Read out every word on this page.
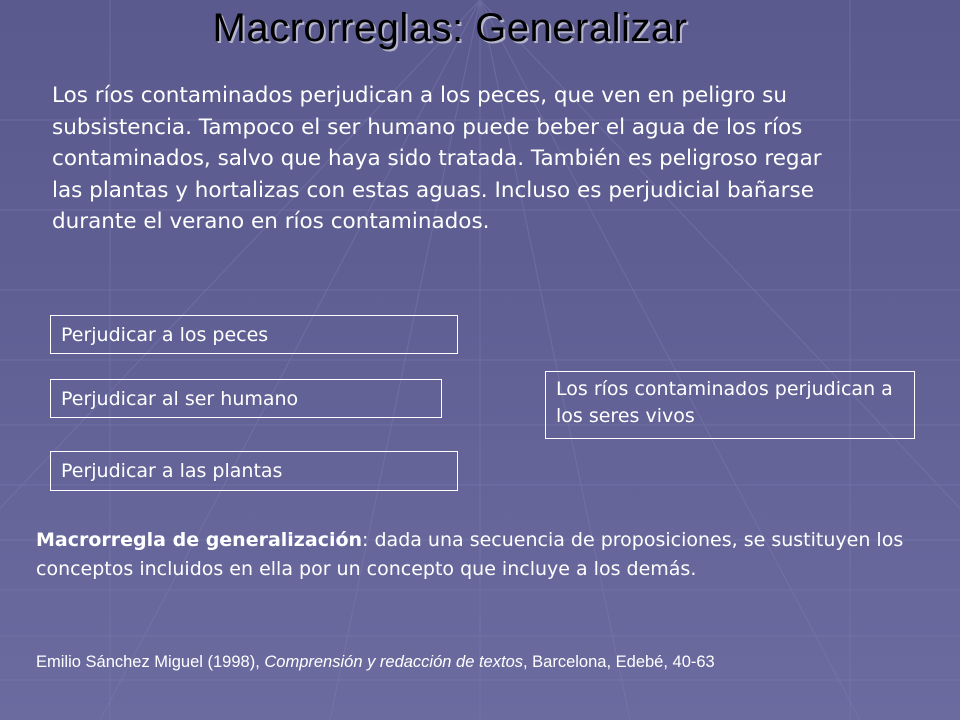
Macrorreglas: Generalizar
Los ríos contaminados perjudican a los peces, que ven en peligro su subsistencia. Tampoco el ser humano puede beber el agua de los ríos contaminados, salvo que haya sido tratada. También es peligroso regar las plantas y hortalizas con estas aguas. Incluso es perjudicial bañarse durante el verano en ríos contaminados.
Perjudicar a los peces
Perjudicar al ser humano
Perjudicar a las plantas
Los ríos contaminados perjudican a los seres vivos
Macrorregla de generalización: dada una secuencia de proposiciones, se sustituyen los conceptos incluidos en ella por un concepto que incluye a los demás.
Emilio Sánchez Miguel (1998), Comprensión y redacción de textos, Barcelona, Edebé, 40-63
